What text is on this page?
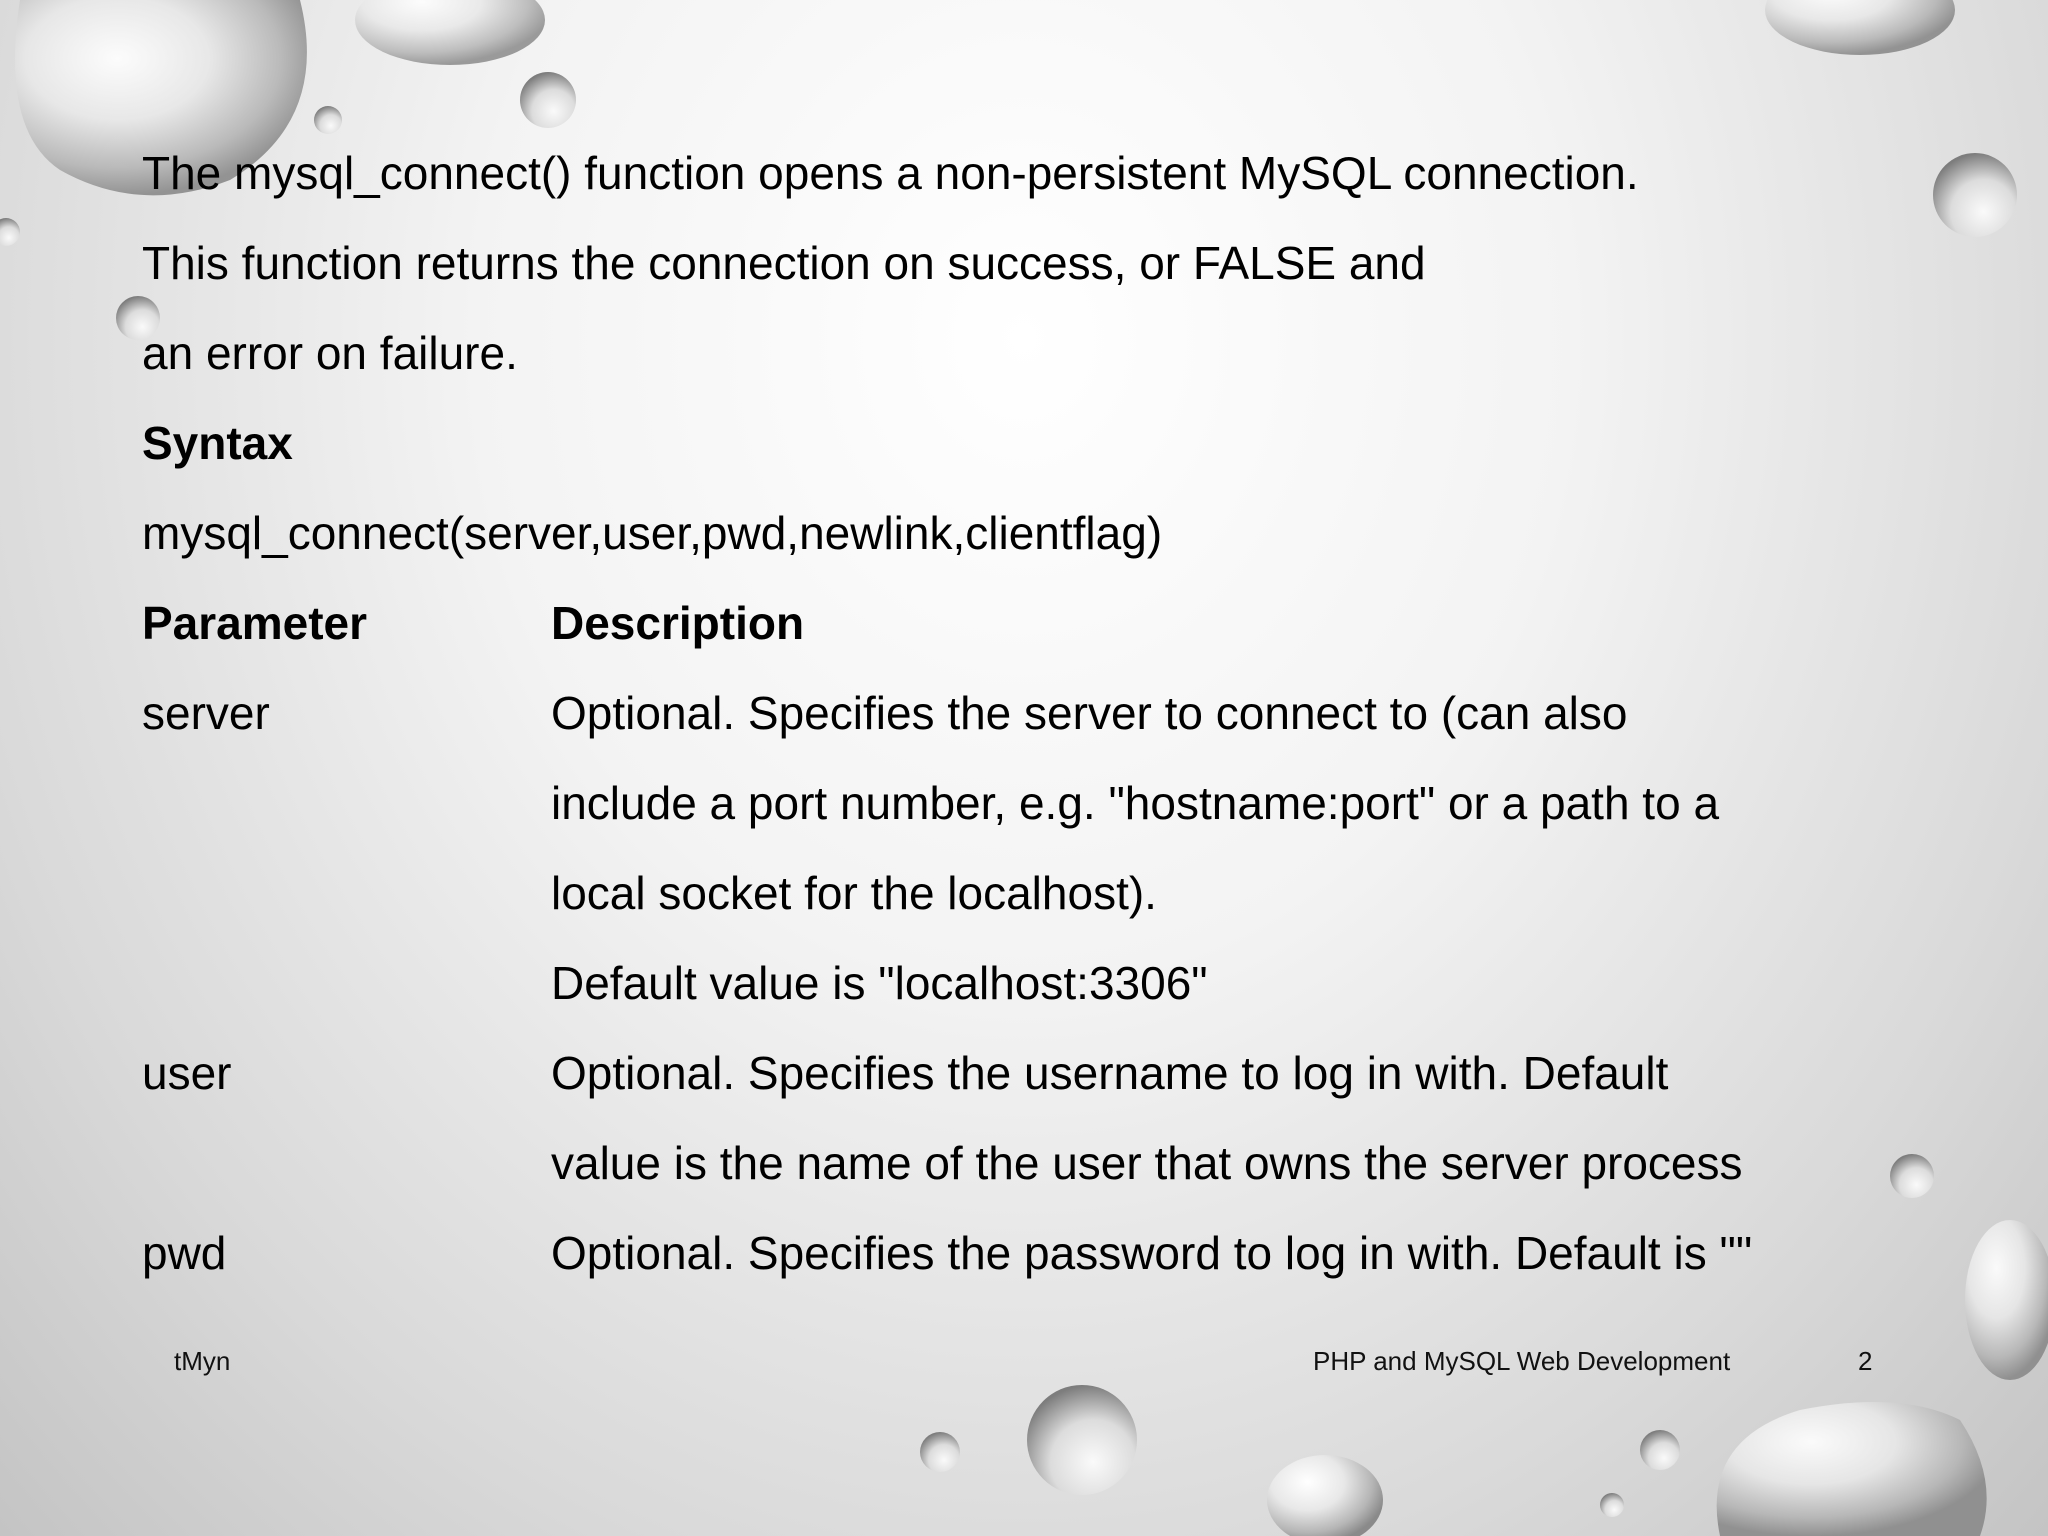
The mysql_connect() function opens a non-persistent MySQL connection.
This function returns the connection on success, or FALSE and
an error on failure.
Syntax
mysql_connect(server,user,pwd,newlink,clientflag)
Parameter	Description
server	Optional. Specifies the server to connect to (can also
include a port number, e.g. "hostname:port" or a path to a
local socket for the localhost).
Default value is "localhost:3306"
user	Optional. Specifies the username to log in with. Default
value is the name of the user that owns the server process
pwd	Optional. Specifies the password to log in with. Default is ""
tMyn	PHP and MySQL Web Development	2
